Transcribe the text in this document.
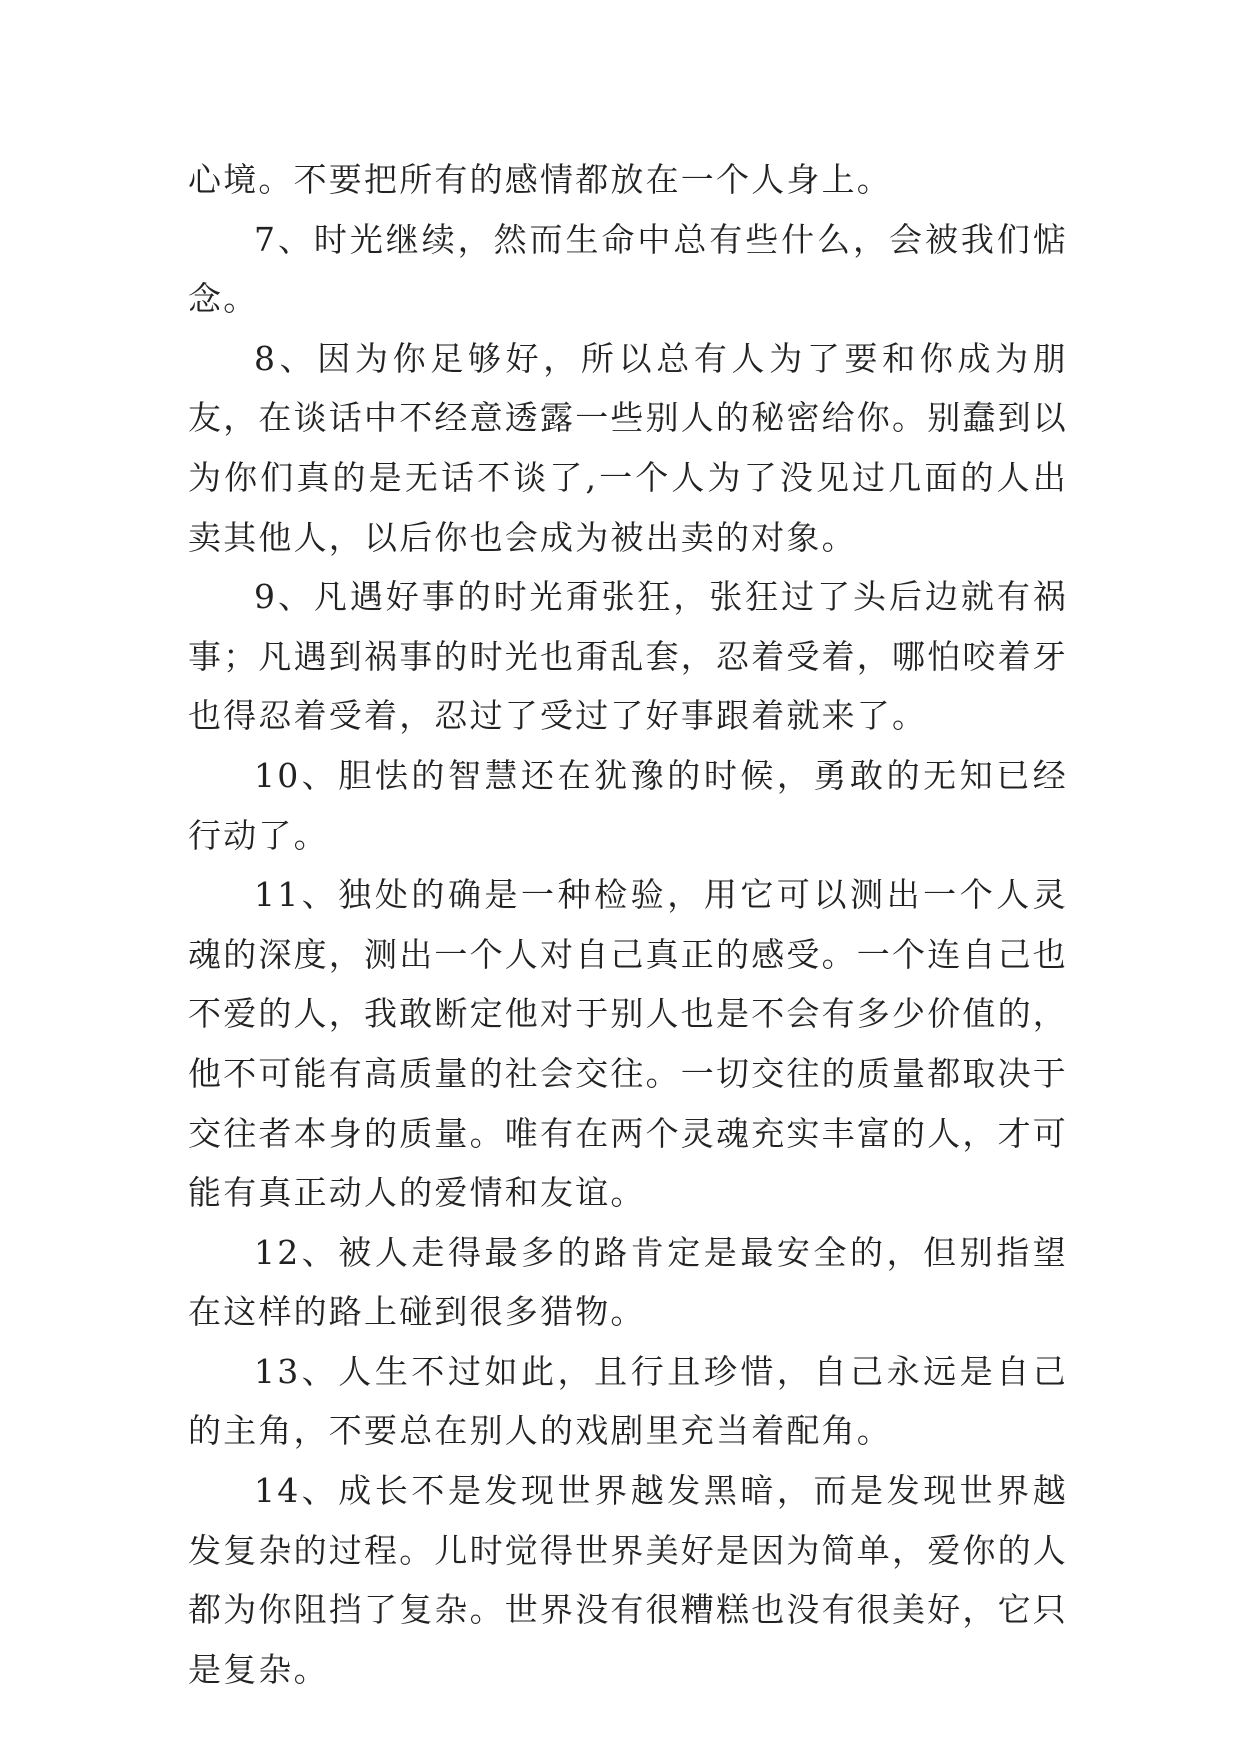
心境。不要把所有的感情都放在一个人身上。

7、时光继续，然而生命中总有些什么，会被我们惦念。

8、因为你足够好，所以总有人为了要和你成为朋友，在谈话中不经意透露一些别人的秘密给你。别蠢到以为你们真的是无话不谈了,一个人为了没见过几面的人出卖其他人，以后你也会成为被出卖的对象。

9、凡遇好事的时光甭张狂，张狂过了头后边就有祸事；凡遇到祸事的时光也甭乱套，忍着受着，哪怕咬着牙也得忍着受着，忍过了受过了好事跟着就来了。

10、胆怯的智慧还在犹豫的时候，勇敢的无知已经行动了。

11、独处的确是一种检验，用它可以测出一个人灵魂的深度，测出一个人对自己真正的感受。一个连自己也不爱的人，我敢断定他对于别人也是不会有多少价值的，他不可能有高质量的社会交往。一切交往的质量都取决于交往者本身的质量。唯有在两个灵魂充实丰富的人，才可能有真正动人的爱情和友谊。

12、被人走得最多的路肯定是最安全的，但别指望在这样的路上碰到很多猎物。

13、人生不过如此，且行且珍惜，自己永远是自己的主角，不要总在别人的戏剧里充当着配角。

14、成长不是发现世界越发黑暗，而是发现世界越发复杂的过程。儿时觉得世界美好是因为简单，爱你的人都为你阻挡了复杂。世界没有很糟糕也没有很美好，它只是复杂。
